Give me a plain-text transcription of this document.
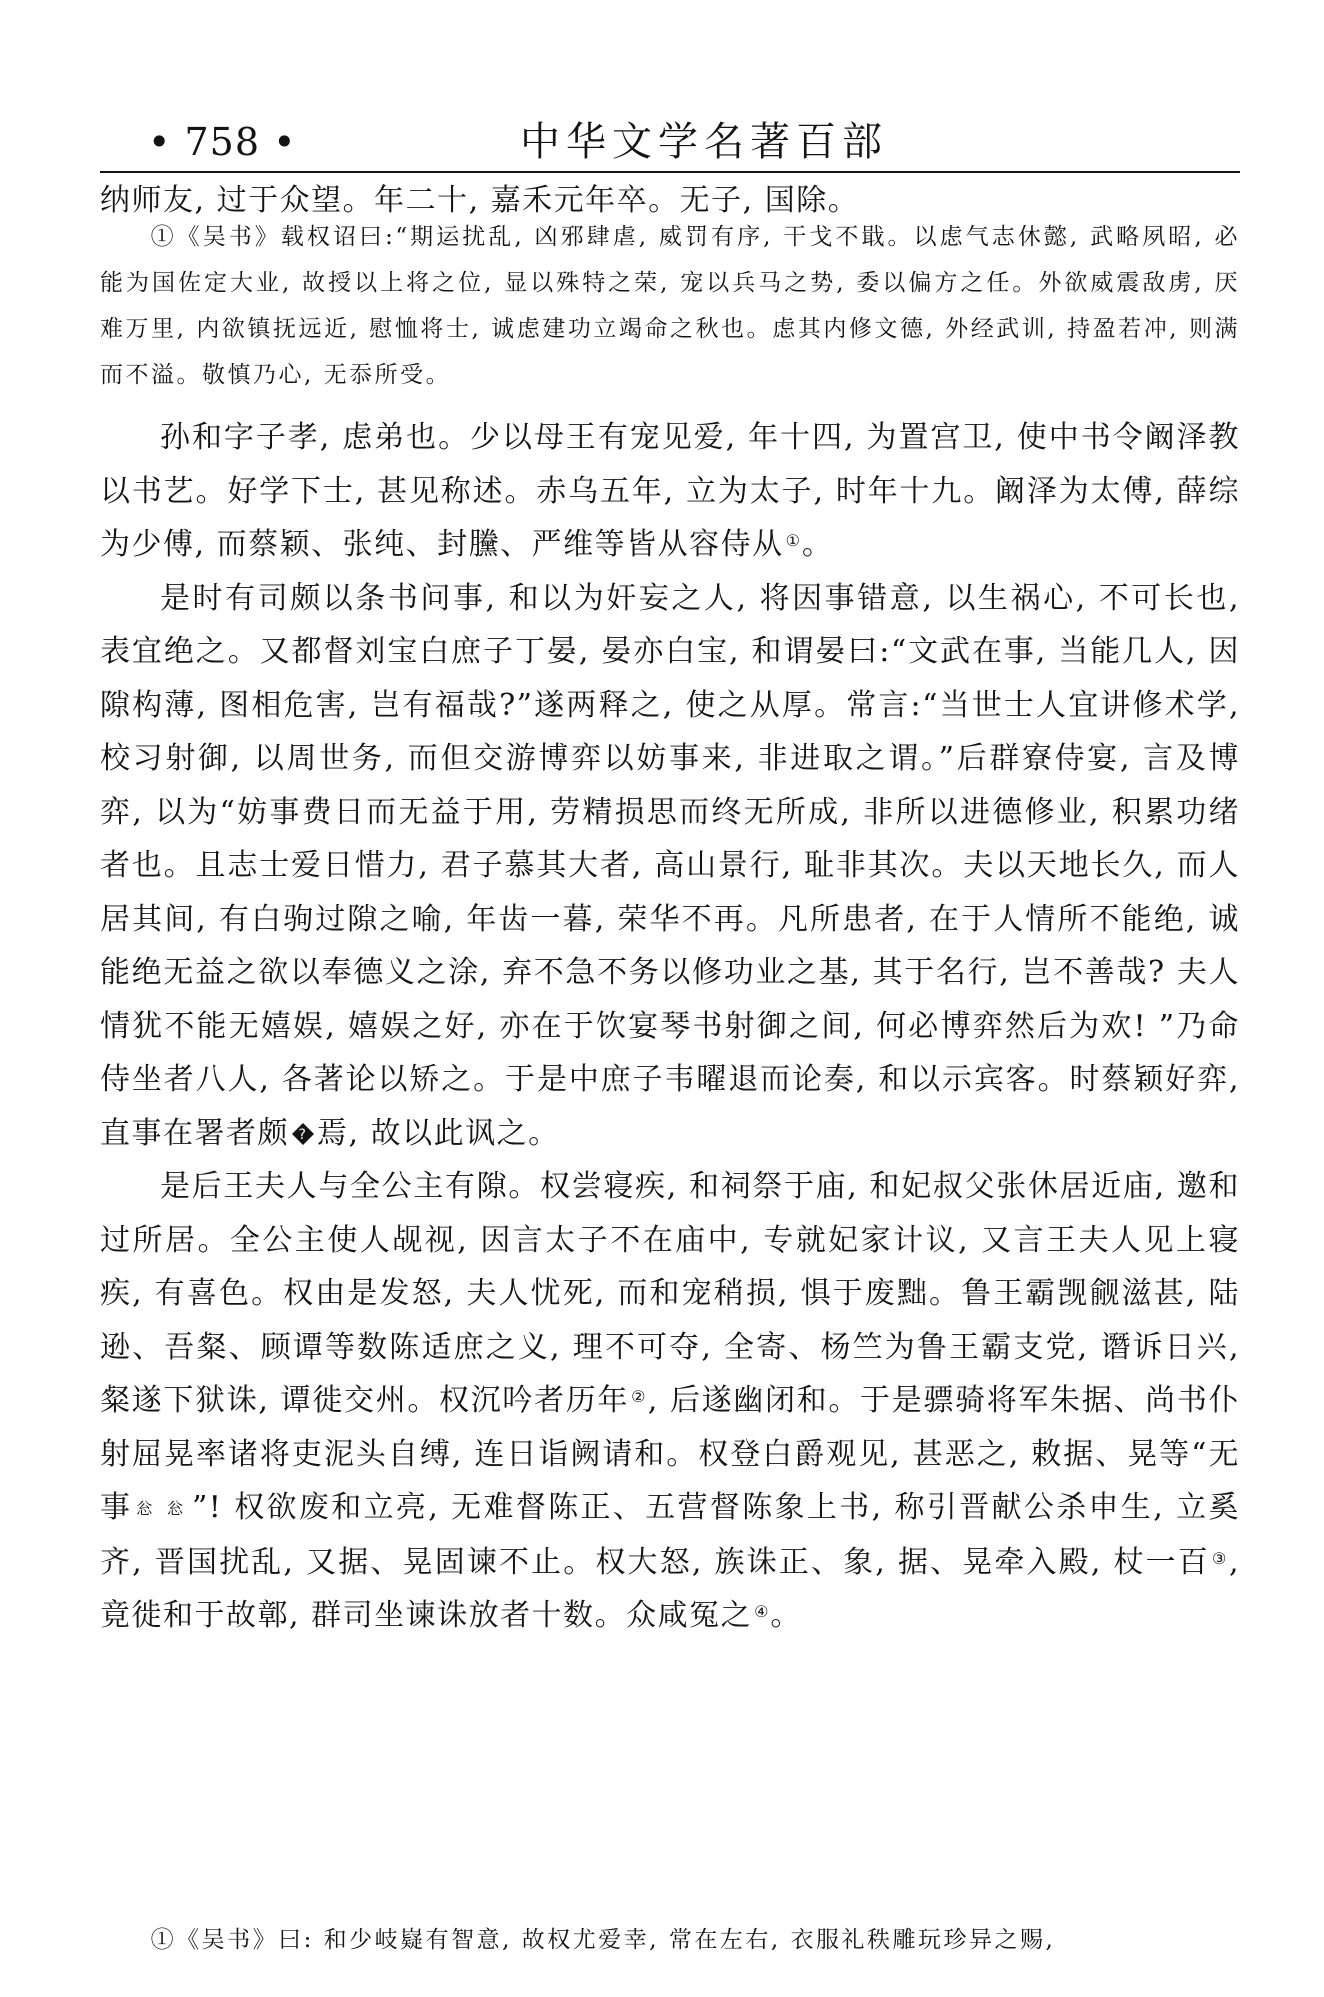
• 758 •	中华文学名著百部

纳师友, 过于众望。年二十, 嘉禾元年卒。无子, 国除。

①《吴书》载权诏曰:“期运扰乱, 凶邪肆虐, 威罚有序, 干戈不戢。以虑气志休懿, 武略夙昭, 必能为国佐定大业, 故授以上将之位, 显以殊特之荣, 宠以兵马之势, 委以偏方之任。外欲威震敌虏, 厌难万里, 内欲镇抚远近, 慰恤将士, 诚虑建功立竭命之秋也。虑其内修文德, 外经武训, 持盈若冲, 则满而不溢。敬慎乃心, 无忝所受。

孙和字子孝, 虑弟也。少以母王有宠见爱, 年十四, 为置宫卫, 使中书令阚泽教以书艺。好学下士, 甚见称述。赤乌五年, 立为太子, 时年十九。阚泽为太傅, 薛综为少傅, 而蔡颖、张纯、封黱、严维等皆从容侍从 ①。

是时有司颇以条书问事, 和以为奸妄之人, 将因事错意, 以生祸心, 不可长也, 表宜绝之。又都督刘宝白庶子丁晏, 晏亦白宝, 和谓晏曰:“文武在事, 当能几人, 因隙构薄, 图相危害, 岂有福哉?”遂两释之, 使之从厚。常言:“当世士人宜讲修术学, 校习射御, 以周世务, 而但交游博弈以妨事来, 非进取之谓。”后群寮侍宴, 言及博弈, 以为“妨事费日而无益于用, 劳精损思而终无所成, 非所以进德修业, 积累功绪者也。且志士爱日惜力, 君子慕其大者, 高山景行, 耻非其次。夫以天地长久, 而人居其间, 有白驹过隙之喻, 年齿一暮, 荣华不再。凡所患者, 在于人情所不能绝, 诚能绝无益之欲以奉德义之涂, 弃不急不务以修功业之基, 其于名行, 岂不善哉? 夫人情犹不能无嬉娱, 嬉娱之好, 亦在于饮宴琴书射御之间, 何必博弈然后为欢! ”乃命侍坐者八人, 各著论以矫之。于是中庶子韦曜退而论奏, 和以示宾客。时蔡颖好弈, 直事在署者颇 ? 焉, 故以此讽之。

是后王夫人与全公主有隙。权尝寝疾, 和祠祭于庙, 和妃叔父张休居近庙, 邀和过所居。全公主使人觇视, 因言太子不在庙中, 专就妃家计议, 又言王夫人见上寝疾, 有喜色。权由是发怒, 夫人忧死, 而和宠稍损, 惧于废黜。鲁王霸觊觎滋甚, 陆逊、吾粲、顾谭等数陈适庶之义, 理不可夺, 全寄、杨竺为鲁王霸支党, 谮诉日兴, 粲遂下狱诛, 谭徙交州。权沉吟者历年 ②, 后遂幽闭和。于是骠骑将军朱据、尚书仆射屈晃率诸将吏泥头自缚, 连日诣阙请和。权登白爵观见, 甚恶之, 敕据、晃等“无事 忩 忩 ”! 权欲废和立亮, 无难督陈正、五营督陈象上书, 称引晋献公杀申生, 立奚齐, 晋国扰乱, 又据、晃固谏不止。权大怒, 族诛正、象, 据、晃牵入殿, 杖一百 ③, 竟徙和于故鄣, 群司坐谏诛放者十数。众咸冤之 ④。

①《吴书》曰: 和少岐嶷有智意, 故权尤爱幸, 常在左右, 衣服礼秩雕玩珍异之赐,
